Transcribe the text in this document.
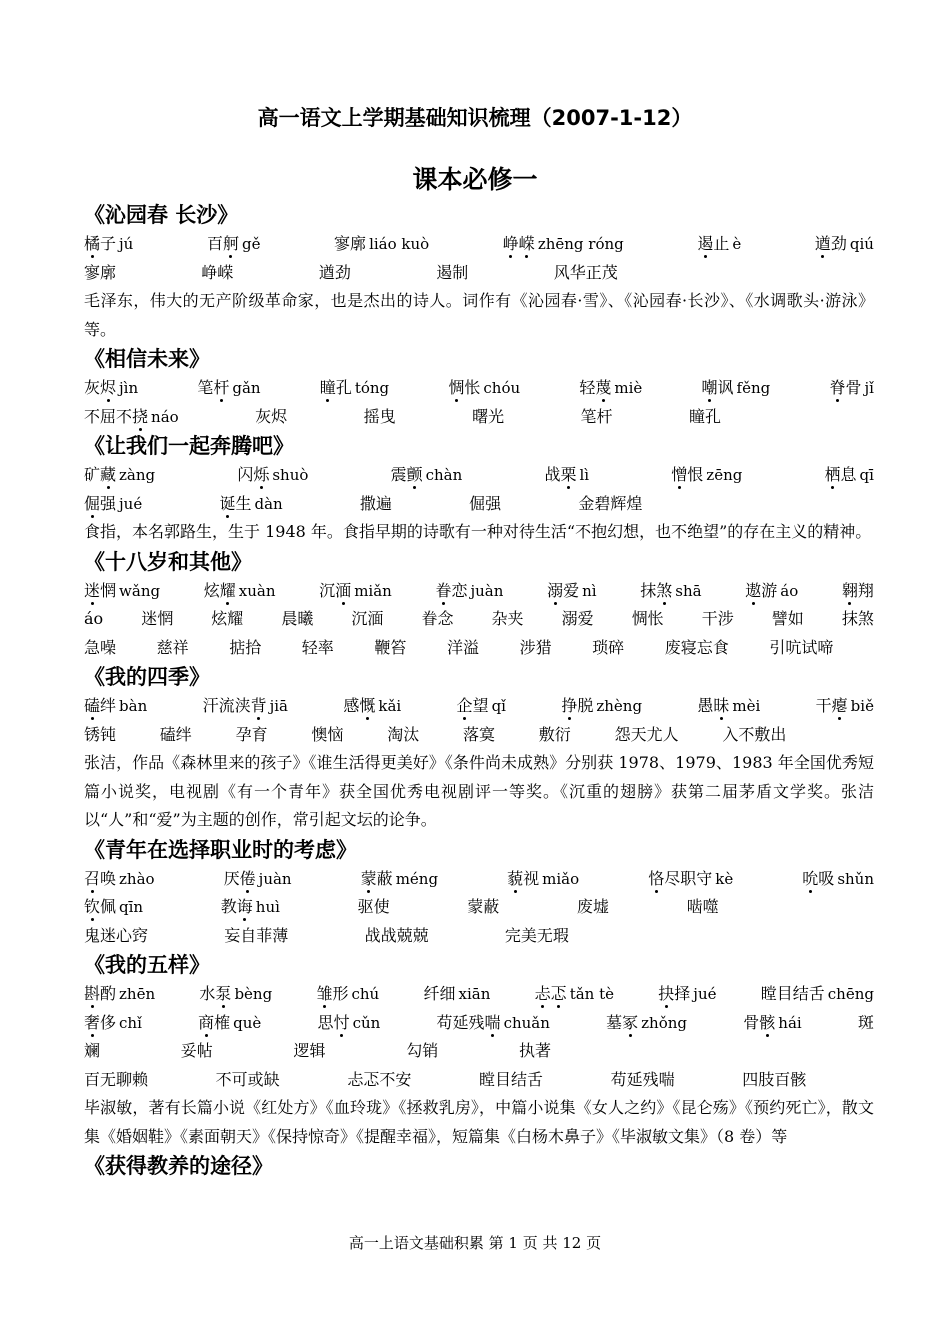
高一语文上学期基础知识梳理（2007-1-12）
课本必修一
《沁园春 长沙》
橘子 jú	百舸 gě	寥廓 liáo kuò	峥嵘 zhēng róng	遏止 è	遒劲 qiú
寥廓	峥嵘	遒劲	遏制	风华正茂
毛泽东，伟大的无产阶级革命家，也是杰出的诗人。词作有《沁园春·雪》、《沁园春·长沙》、《水调歌头·游泳》等。
《相信未来》
灰烬 jìn	笔杆 gǎn	瞳孔 tóng	惆怅 chóu	轻蔑 miè	嘲讽 fěng	脊骨 jǐ
不屈不挠 náo	灰烬	摇曳	曙光	笔杆	瞳孔
《让我们一起奔腾吧》
矿藏 zàng	闪烁 shuò	震颤 chàn	战栗 lì	憎恨 zēng	栖息 qī
倔强 jué	诞生 dàn	撒遍	倔强	金碧辉煌
食指，本名郭路生，生于 1948 年。食指早期的诗歌有一种对待生活“不抱幻想，也不绝望”的存在主义的精神。
《十八岁和其他》
迷惘 wǎng	炫耀 xuàn	沉湎 miǎn	眷恋 juàn	溺爱 nì	抹煞 shā	遨游 áo	翱翔
áo 迷惘 炫耀 晨曦 沉湎 眷念 杂夹 溺爱 惆怅 干涉 譬如 抹煞
急噪	慈祥	掂拾	轻率	鞭笞	洋溢	涉猎	琐碎	废寝忘食	引吭试啼
《我的四季》
磕绊 bàn	汗流浃背 jiā	感慨 kǎi	企望 qǐ	挣脱 zhèng	愚昧 mèi	干瘪 biě
锈钝	磕绊	孕育	懊恼	淘汰	落寞	敷衍	怨天尤人	入不敷出
张洁，作品《森林里来的孩子》《谁生活得更美好》《条件尚未成熟》分别获 1978、1979、1983 年全国优秀短篇小说奖，电视剧《有一个青年》获全国优秀电视剧评一等奖。《沉重的翅膀》获第二届茅盾文学奖。张洁以“人”和“爱”为主题的创作，常引起文坛的论争。
《青年在选择职业时的考虑》
召唤 zhào	厌倦 juàn	蒙蔽 méng	藐视 miǎo	恪尽职守 kè	吮吸 shǔn
钦佩 qīn	教诲 huì	驱使	蒙蔽	废墟	啮噬
鬼迷心窍	妄自菲薄	战战兢兢	完美无瑕
《我的五样》
斟酌 zhēn	水泵 bèng	雏形 chú	纤细 xiān	忐忑 tǎn tè	抉择 jué	瞠目结舌 chēng
奢侈 chǐ	商榷 què	思忖 cǔn	苟延残喘 chuǎn	墓冢 zhǒng	骨骸 hái	斑
斓	妥帖	逻辑	勾销	执著
百无聊赖	不可或缺	忐忑不安	瞠目结舌	苟延残喘	四肢百骸
毕淑敏，著有长篇小说《红处方》《血玲珑》《拯救乳房》，中篇小说集《女人之约》《昆仑殇》《预约死亡》，散文集《婚姻鞋》《素面朝天》《保持惊奇》《提醒幸福》，短篇集《白杨木鼻子》《毕淑敏文集》（8 卷）等
《获得教养的途径》
高一上语文基础积累 第 1 页 共 12 页
